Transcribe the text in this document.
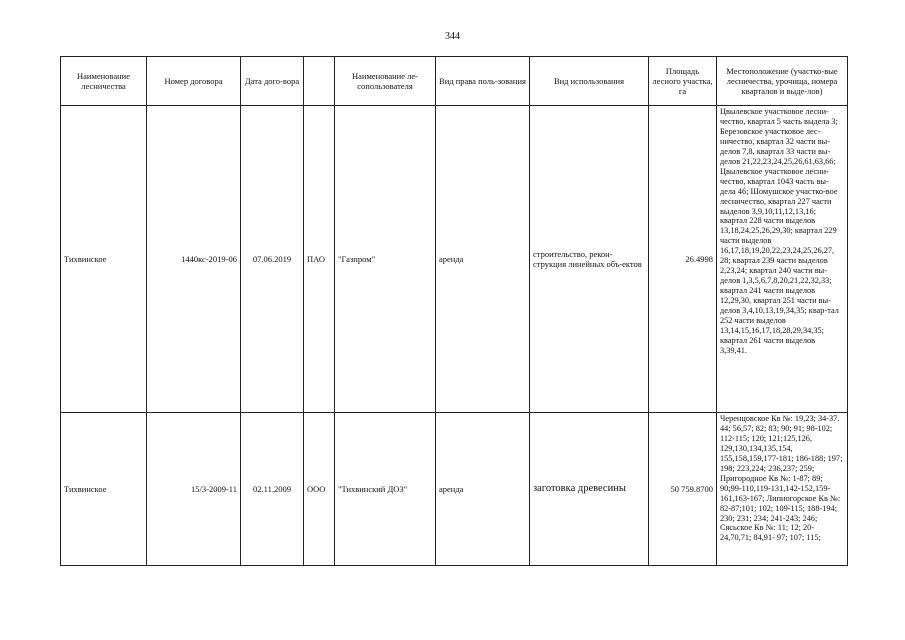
344
Наименование лесничества	Номер договора	Дата дого-вора		Наименование ле-сопользователя	Вид права поль-зования	Вид использования	Площадь лесного участка, га	Местоположение (участко-вые лесничества, урочища, номера кварталов и выде-лов)
Тихвинское	1440кс-2019-06	07.06.2019	ПАО	"Газпром"	аренда	строительство, рекон-струкция линейных объ-ектов	26.4998	Цвылевское участковое лесни-чество, квартал 5 часть выдела 3; Березовское участковое лес-ничество, квартал 32 части вы-делов 7,8, квартал 33 части вы-делов 21,22,23,24,25,26,61,63,66; Цвылевское участковое лесни-чество, квартал 1043 часть вы-дела 46; Шомушское участко-вое лесничество, квартал 227 части выделов 3,9,10,11,12,13,16; квартал 228 части выделов 13,18,24,25,26,29,30; квартал 229 части выделов 16,17,18,19,20,22,23,24,25,26,27, 28; квартал 239 части выделов 2,23,24; квартал 240 части вы-делов 1,3,5,6,7,8,20,21,22,32,33; квартал 241 части выделов 12,29,30, квартал 251 части вы-делов 3,4,10,13,19,34,35; квар-тал 252 части выделов 13,14,15,16,17,18,28,29,34,35; квартал 261 части выделов 3,39,41.
Тихвинское	15/3-2009-11	02.11.2009	ООО	"Тихвинский ДОЗ"	аренда	заготовка древесины	50 759.8700	Черенцовское Кв №: 19,23; 34-37. 44; 56,57; 82; 83; 90; 91; 98-102; 112-115; 120; 121;125,126, 129,130,134,135,154, 155,158,159,177-181; 186-188; 197; 198; 223,224; 236,237; 259; Пригородное Кв №: 1-87; 89; 90;99-110,119-131,142-152,159-161,163-167; Липногорское Кв №: 82-87;101; 102; 109-115; 188-194; 230; 231; 234; 241-243; 246; Сясьское Кв №: 11; 12; 20-24,70,71; 84,91- 97; 107; 115;
